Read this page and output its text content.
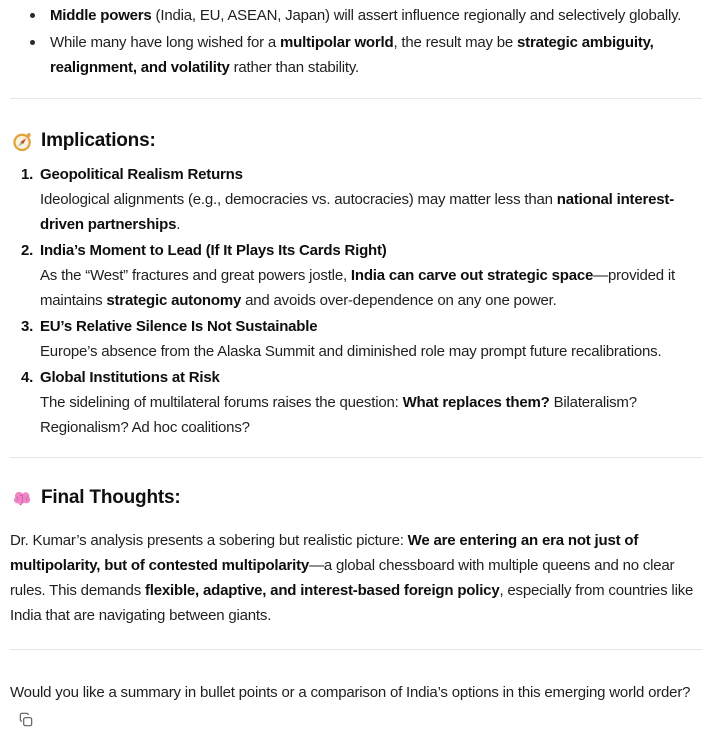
Middle powers (India, EU, ASEAN, Japan) will assert influence regionally and selectively globally.
While many have long wished for a multipolar world, the result may be strategic ambiguity, realignment, and volatility rather than stability.
Implications:
1. Geopolitical Realism Returns

Ideological alignments (e.g., democracies vs. autocracies) may matter less than national interest-driven partnerships.

2. India’s Moment to Lead (If It Plays Its Cards Right)

As the “West” fractures and great powers jostle, India can carve out strategic space—provided it maintains strategic autonomy and avoids over-dependence on any one power.

3. EU’s Relative Silence Is Not Sustainable

Europe’s absence from the Alaska Summit and diminished role may prompt future recalibrations.

4. Global Institutions at Risk

The sidelining of multilateral forums raises the question: What replaces them? Bilateralism? Regionalism? Ad hoc coalitions?

Final Thoughts:

Dr. Kumar’s analysis presents a sobering but realistic picture: We are entering an era not just of multipolarity, but of contested multipolarity—a global chessboard with multiple queens and no clear rules. This demands flexible, adaptive, and interest-based foreign policy, especially from countries like India that are navigating between giants.

Would you like a summary in bullet points or a comparison of India’s options in this emerging world order?
